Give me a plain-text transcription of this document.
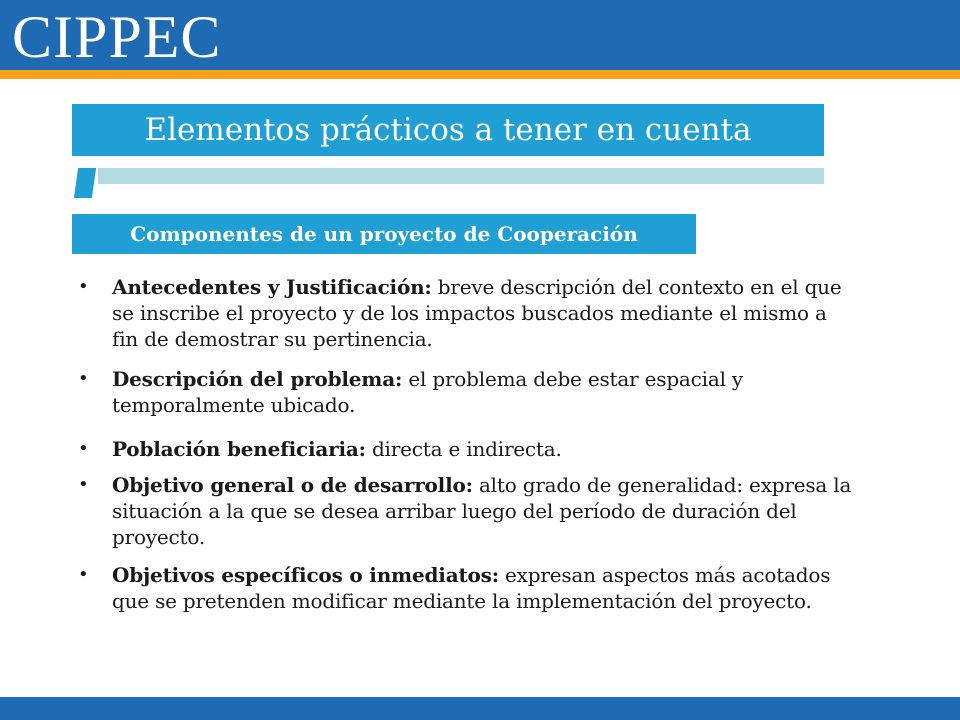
CIPPEC
Elementos prácticos a tener en cuenta
Componentes de un proyecto de Cooperación
• Antecedentes y Justificación: breve descripción del contexto en el que se inscribe el proyecto y de los impactos buscados mediante el mismo a fin de demostrar su pertinencia.
• Descripción del problema: el problema debe estar espacial y temporalmente ubicado.
• Población beneficiaria: directa e indirecta.
• Objetivo general o de desarrollo: alto grado de generalidad: expresa la situación a la que se desea arribar luego del período de duración del proyecto.
• Objetivos específicos o inmediatos: expresan aspectos más acotados que se pretenden modificar mediante la implementación del proyecto.
